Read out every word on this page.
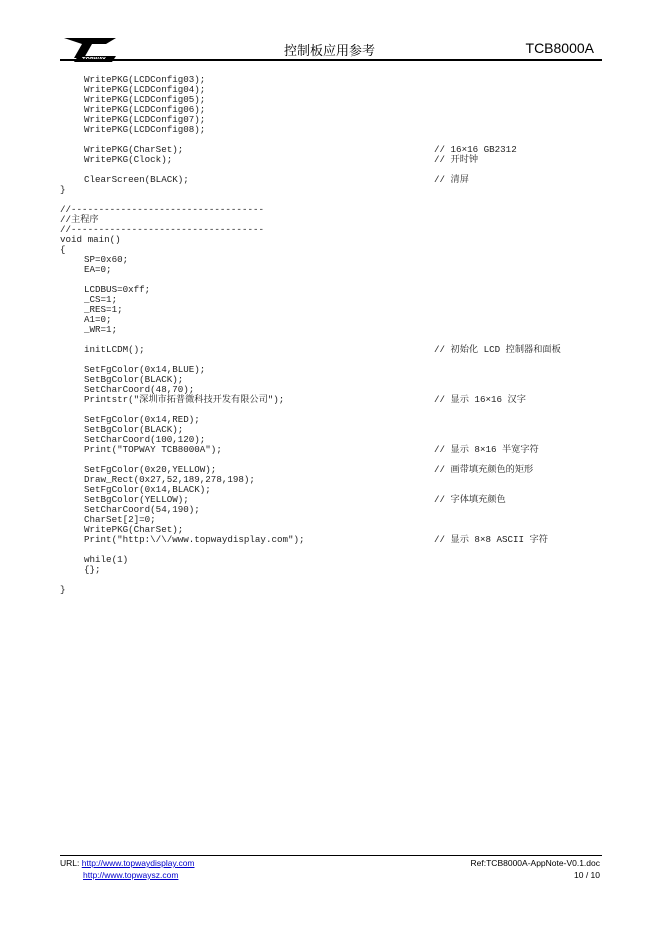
TOPWAY
控制板应用参考	TCB8000A
WritePKG(LCDConfig03);
WritePKG(LCDConfig04);
WritePKG(LCDConfig05);
WritePKG(LCDConfig06);
WritePKG(LCDConfig07);
WritePKG(LCDConfig08);
WritePKG(CharSet);	// 16×16 GB2312
WritePKG(Clock);	// 开时钟
ClearScreen(BLACK);	// 清屏
}
//-----------------------------------
//主程序
//-----------------------------------
void main()
{
SP=0x60;
EA=0;
LCDBUS=0xff;
_CS=1;
_RES=1;
A1=0;
_WR=1;
initLCDM();	// 初始化 LCD 控制器和面板
SetFgColor(0x14,BLUE);
SetBgColor(BLACK);
SetCharCoord(48,70);
Printstr("深圳市拓普微科技开发有限公司");	// 显示 16×16 汉字
SetFgColor(0x14,RED);
SetBgColor(BLACK);
SetCharCoord(100,120);
Print("TOPWAY TCB8000A");	// 显示 8×16 半宽字符
SetFgColor(0x20,YELLOW);	// 画带填充颜色的矩形
Draw_Rect(0x27,52,189,278,198);
SetFgColor(0x14,BLACK);
SetBgColor(YELLOW);	// 字体填充颜色
SetCharCoord(54,190);
CharSet[2]=0;
WritePKG(CharSet);
Print("http:\/\/www.topwaydisplay.com");	// 显示 8×8 ASCII 字符
while(1)
{};
}
URL: http://www.topwaydisplay.com
http://www.topwaysz.com
Ref:TCB8000A-AppNote-V0.1.doc
10 / 10
